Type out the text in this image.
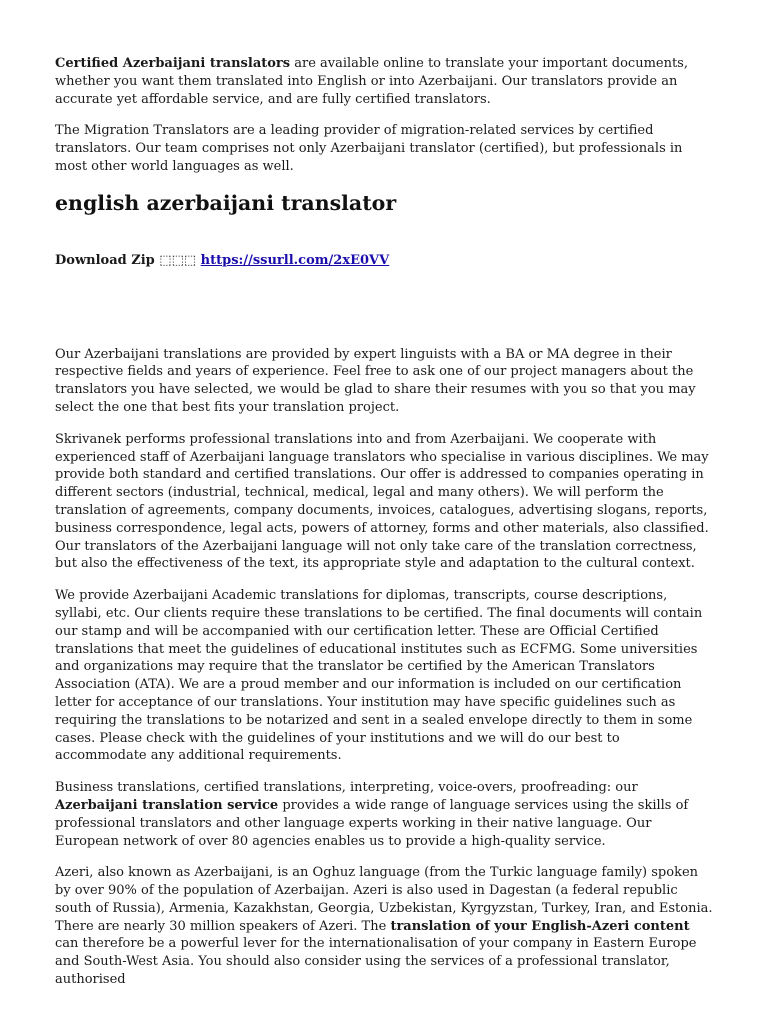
Certified Azerbaijani translators are available online to translate your important documents, whether you want them translated into English or into Azerbaijani. Our translators provide an accurate yet affordable service, and are fully certified translators.

The Migration Translators are a leading provider of migration-related services by certified translators. Our team comprises not only Azerbaijani translator (certified), but professionals in most other world languages as well.

english azerbaijani translator

Download Zip ⬚⬚⬚ https://ssurll.com/2xE0VV

Our Azerbaijani translations are provided by expert linguists with a BA or MA degree in their respective fields and years of experience. Feel free to ask one of our project managers about the translators you have selected, we would be glad to share their resumes with you so that you may select the one that best fits your translation project.

Skrivanek performs professional translations into and from Azerbaijani. We cooperate with experienced staff of Azerbaijani language translators who specialise in various disciplines. We may provide both standard and certified translations. Our offer is addressed to companies operating in different sectors (industrial, technical, medical, legal and many others). We will perform the translation of agreements, company documents, invoices, catalogues, advertising slogans, reports, business correspondence, legal acts, powers of attorney, forms and other materials, also classified. Our translators of the Azerbaijani language will not only take care of the translation correctness, but also the effectiveness of the text, its appropriate style and adaptation to the cultural context.

We provide Azerbaijani Academic translations for diplomas, transcripts, course descriptions, syllabi, etc. Our clients require these translations to be certified. The final documents will contain our stamp and will be accompanied with our certification letter. These are Official Certified translations that meet the guidelines of educational institutes such as ECFMG. Some universities and organizations may require that the translator be certified by the American Translators Association (ATA). We are a proud member and our information is included on our certification letter for acceptance of our translations. Your institution may have specific guidelines such as requiring the translations to be notarized and sent in a sealed envelope directly to them in some cases. Please check with the guidelines of your institutions and we will do our best to accommodate any additional requirements.

Business translations, certified translations, interpreting, voice-overs, proofreading: our Azerbaijani translation service provides a wide range of language services using the skills of professional translators and other language experts working in their native language. Our European network of over 80 agencies enables us to provide a high-quality service.

Azeri, also known as Azerbaijani, is an Oghuz language (from the Turkic language family) spoken by over 90% of the population of Azerbaijan. Azeri is also used in Dagestan (a federal republic south of Russia), Armenia, Kazakhstan, Georgia, Uzbekistan, Kyrgyzstan, Turkey, Iran, and Estonia. There are nearly 30 million speakers of Azeri. The translation of your English-Azeri content can therefore be a powerful lever for the internationalisation of your company in Eastern Europe and South-West Asia. You should also consider using the services of a professional translator, authorised
